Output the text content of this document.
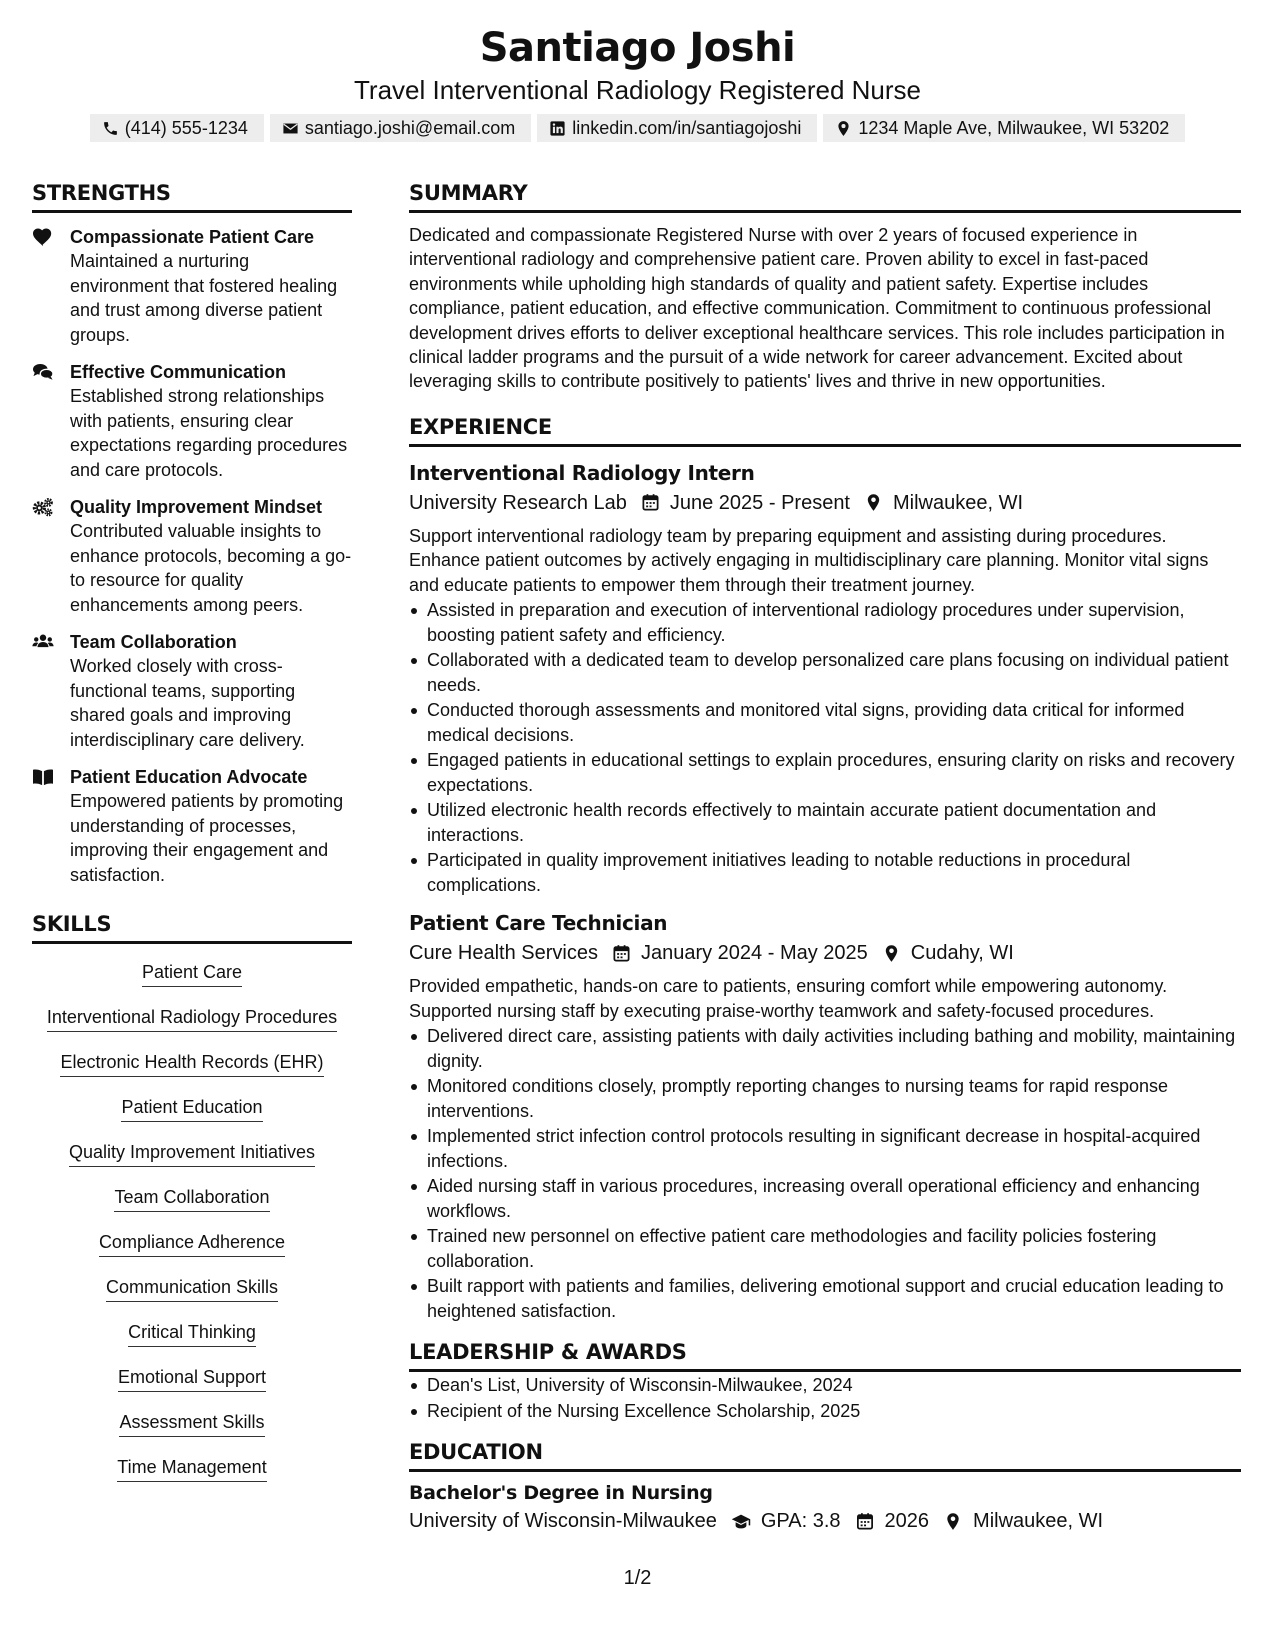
Santiago Joshi
Travel Interventional Radiology Registered Nurse
(414) 555-1234	santiago.joshi@email.com	linkedin.com/in/santiagojoshi	1234 Maple Ave, Milwaukee, WI 53202
STRENGTHS
Compassionate Patient Care
Maintained a nurturing environment that fostered healing and trust among diverse patient groups.
Effective Communication
Established strong relationships with patients, ensuring clear expectations regarding procedures and care protocols.
Quality Improvement Mindset
Contributed valuable insights to enhance protocols, becoming a go-to resource for quality enhancements among peers.
Team Collaboration
Worked closely with cross-functional teams, supporting shared goals and improving interdisciplinary care delivery.
Patient Education Advocate
Empowered patients by promoting understanding of processes, improving their engagement and satisfaction.
SKILLS
Patient Care
Interventional Radiology Procedures
Electronic Health Records (EHR)
Patient Education
Quality Improvement Initiatives
Team Collaboration
Compliance Adherence
Communication Skills
Critical Thinking
Emotional Support
Assessment Skills
Time Management
SUMMARY
Dedicated and compassionate Registered Nurse with over 2 years of focused experience in interventional radiology and comprehensive patient care. Proven ability to excel in fast-paced environments while upholding high standards of quality and patient safety. Expertise includes compliance, patient education, and effective communication. Commitment to continuous professional development drives efforts to deliver exceptional healthcare services. This role includes participation in clinical ladder programs and the pursuit of a wide network for career advancement. Excited about leveraging skills to contribute positively to patients' lives and thrive in new opportunities.
EXPERIENCE
Interventional Radiology Intern
University Research Lab June 2025 - Present Milwaukee, WI
Support interventional radiology team by preparing equipment and assisting during procedures. Enhance patient outcomes by actively engaging in multidisciplinary care planning. Monitor vital signs and educate patients to empower them through their treatment journey.
Assisted in preparation and execution of interventional radiology procedures under supervision, boosting patient safety and efficiency.
Collaborated with a dedicated team to develop personalized care plans focusing on individual patient needs.
Conducted thorough assessments and monitored vital signs, providing data critical for informed medical decisions.
Engaged patients in educational settings to explain procedures, ensuring clarity on risks and recovery expectations.
Utilized electronic health records effectively to maintain accurate patient documentation and interactions.
Participated in quality improvement initiatives leading to notable reductions in procedural complications.
Patient Care Technician
Cure Health Services January 2024 - May 2025 Cudahy, WI
Provided empathetic, hands-on care to patients, ensuring comfort while empowering autonomy. Supported nursing staff by executing praise-worthy teamwork and safety-focused procedures.
Delivered direct care, assisting patients with daily activities including bathing and mobility, maintaining dignity.
Monitored conditions closely, promptly reporting changes to nursing teams for rapid response interventions.
Implemented strict infection control protocols resulting in significant decrease in hospital-acquired infections.
Aided nursing staff in various procedures, increasing overall operational efficiency and enhancing workflows.
Trained new personnel on effective patient care methodologies and facility policies fostering collaboration.
Built rapport with patients and families, delivering emotional support and crucial education leading to heightened satisfaction.
LEADERSHIP & AWARDS
Dean's List, University of Wisconsin-Milwaukee, 2024
Recipient of the Nursing Excellence Scholarship, 2025
EDUCATION
Bachelor's Degree in Nursing
University of Wisconsin-Milwaukee GPA: 3.8 2026 Milwaukee, WI
1/2
